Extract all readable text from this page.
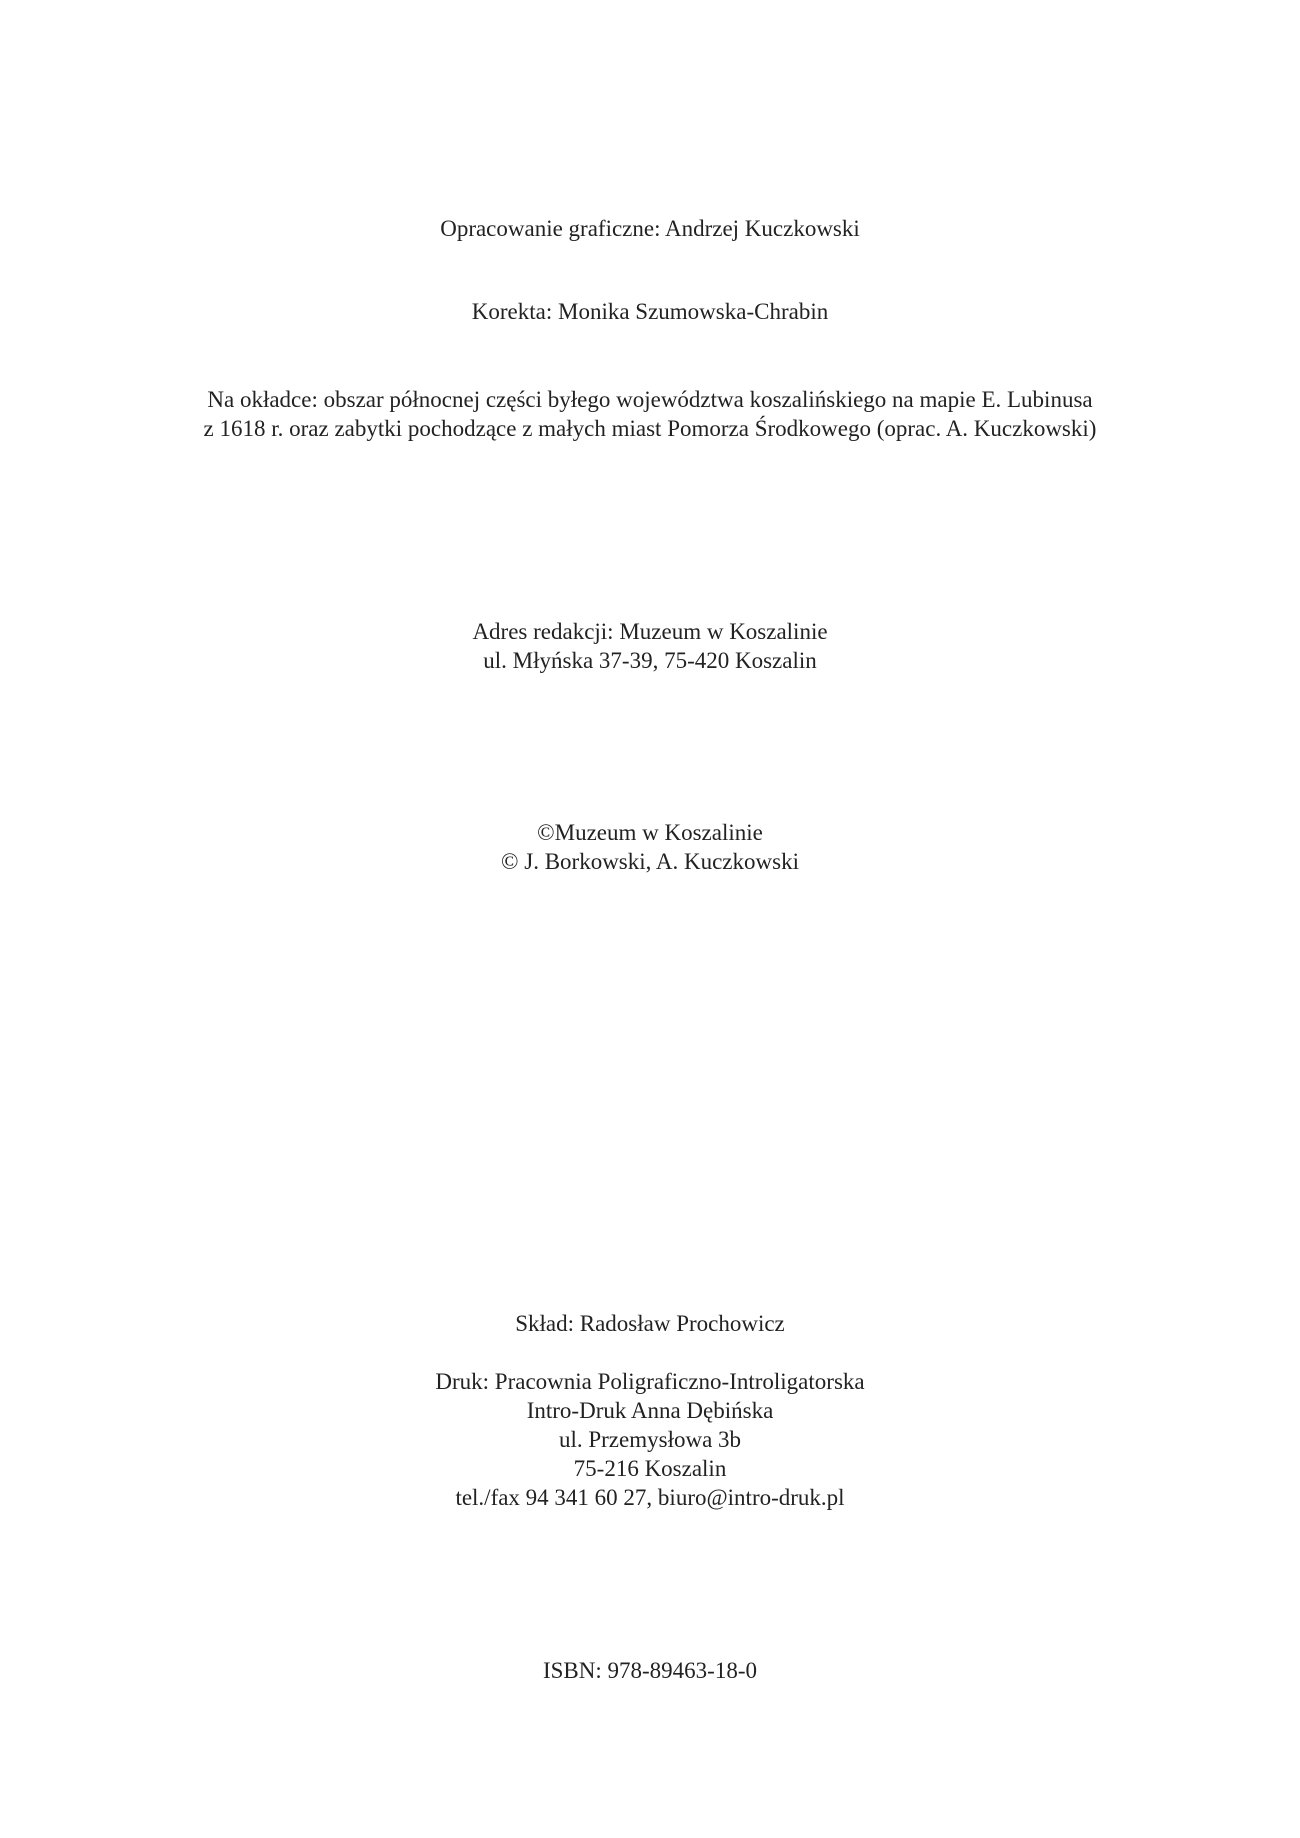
Opracowanie graficzne: Andrzej Kuczkowski
Korekta: Monika Szumowska-Chrabin
Na okładce: obszar północnej części byłego województwa koszalińskiego na mapie E. Lubinusa
z 1618 r. oraz zabytki pochodzące z małych miast Pomorza Środkowego (oprac. A. Kuczkowski)
Adres redakcji: Muzeum w Koszalinie
ul. Młyńska 37-39, 75-420 Koszalin
©Muzeum w Koszalinie
© J. Borkowski, A. Kuczkowski
Skład: Radosław Prochowicz
Druk: Pracownia Poligraficzno-Introligatorska
Intro-Druk Anna Dębińska
ul. Przemysłowa 3b
75-216 Koszalin
tel./fax 94 341 60 27, biuro@intro-druk.pl
ISBN: 978-89463-18-0
